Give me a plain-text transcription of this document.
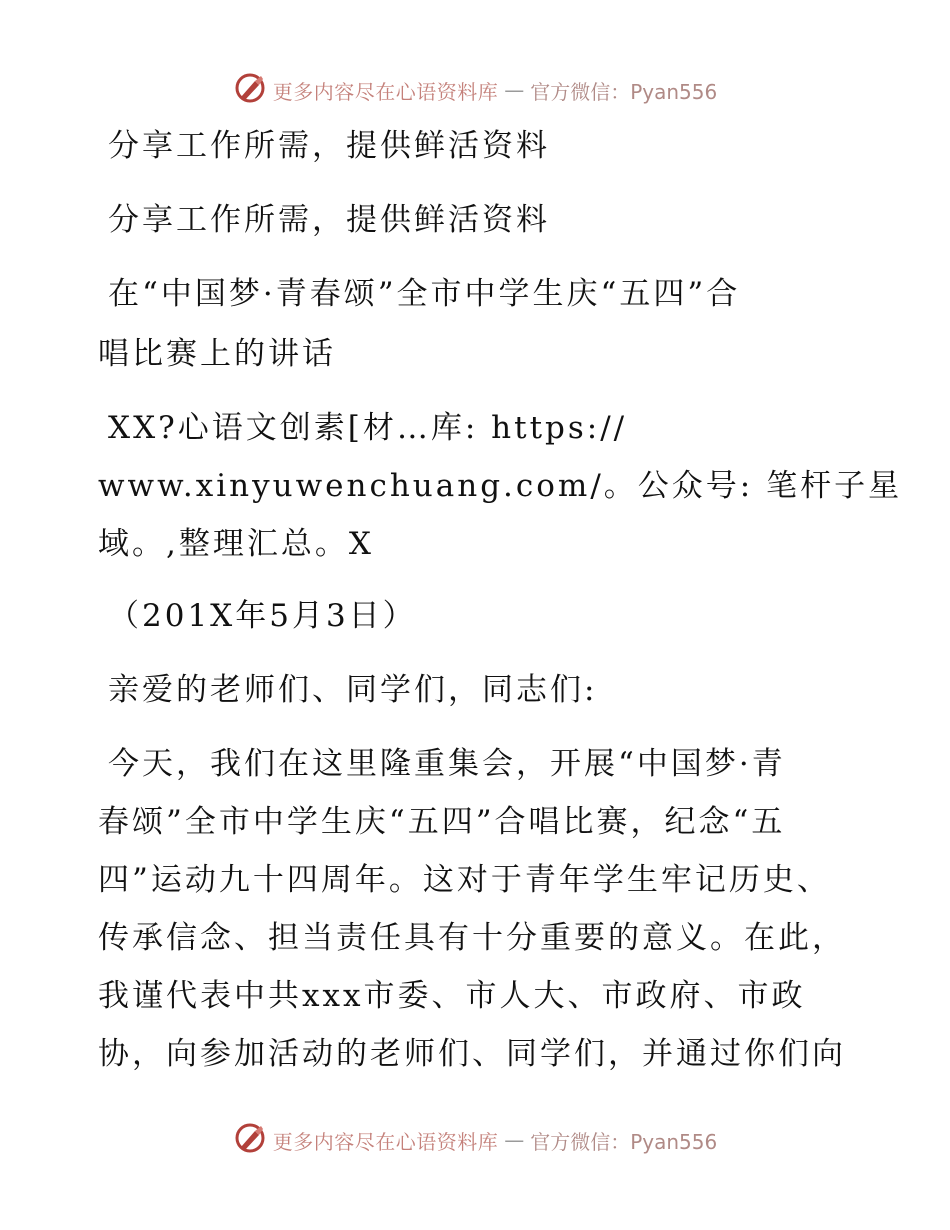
更多内容尽在心语资料库 — 官方微信：Pyan556
分享工作所需，提供鲜活资料
分享工作所需，提供鲜活资料
在“中国梦·青春颂”全市中学生庆“五四”合
唱比赛上的讲话
XX?心语文创素[材…库: https://
www.xinyuwenchuang.com/。公众号: 笔杆子星
域。,整理汇总。X
（201X年5月3日）
亲爱的老师们、同学们，同志们:
今天，我们在这里隆重集会，开展“中国梦·青
春颂”全市中学生庆“五四”合唱比赛，纪念“五
四”运动九十四周年。这对于青年学生牢记历史、
传承信念、担当责任具有十分重要的意义。在此，
我谨代表中共xxx市委、市人大、市政府、市政
协，向参加活动的老师们、同学们，并通过你们向
更多内容尽在心语资料库 — 官方微信：Pyan556
